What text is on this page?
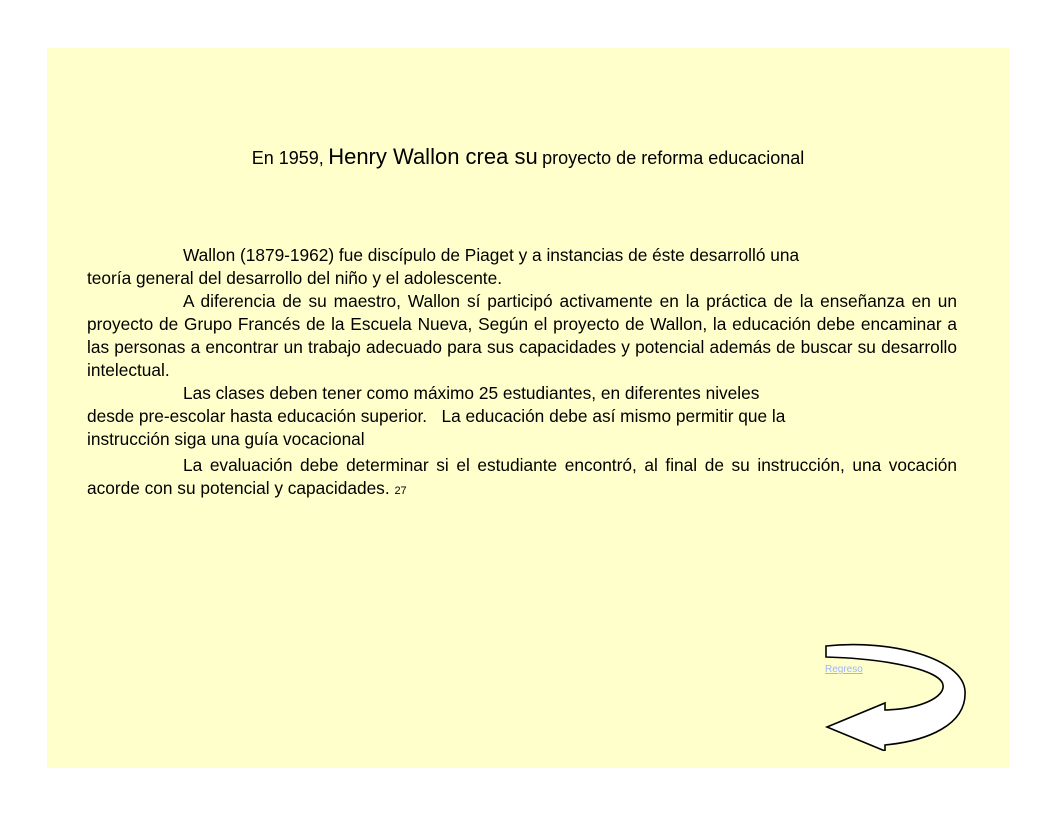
En 1959, Henry Wallon crea su proyecto de reforma educacional

Wallon (1879-1962) fue discípulo de Piaget y a instancias de éste desarrolló una

teoría general del desarrollo del niño y el adolescente.

A diferencia de su maestro, Wallon sí participó activamente en la práctica de la enseñanza en un proyecto de Grupo Francés de la Escuela Nueva, Según el proyecto de Wallon, la educación debe encaminar a las personas a encontrar un trabajo adecuado para sus capacidades y potencial además de buscar su desarrollo intelectual.

Las clases deben tener como máximo 25 estudiantes, en diferentes niveles

desde pre-escolar hasta educación superior.   La educación debe así mismo permitir que la

instrucción siga una guía vocacional

La evaluación debe determinar si el estudiante encontró, al final de su instrucción, una vocación acorde con su potencial y capacidades. 27

Regreso
